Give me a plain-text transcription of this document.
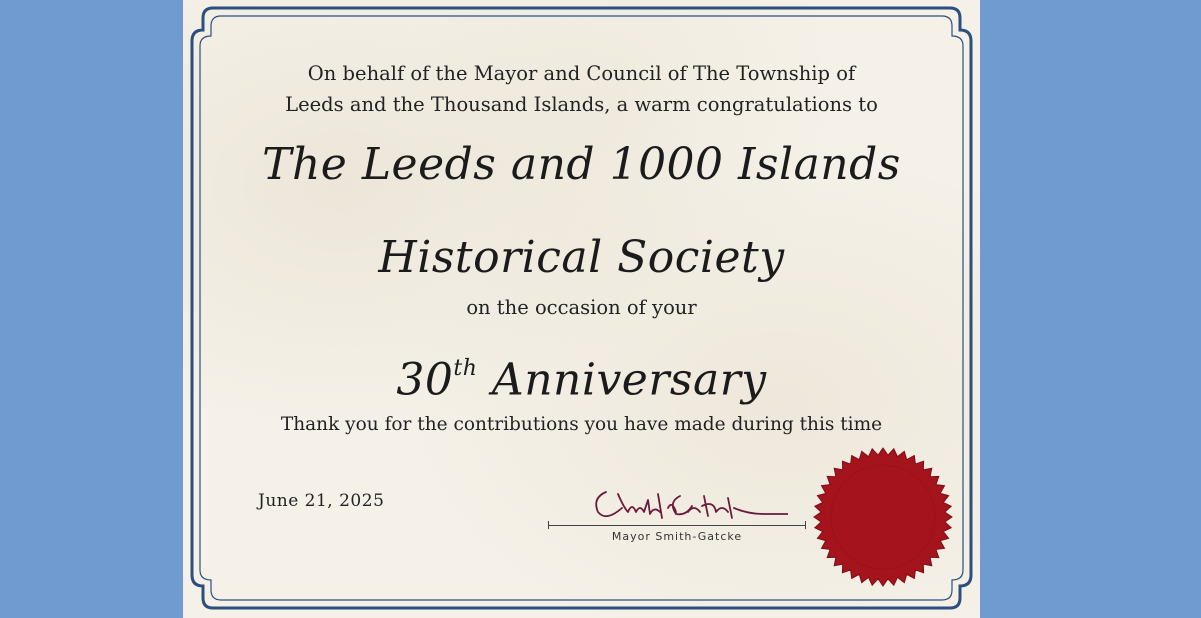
On behalf of the Mayor and Council of The Township of
Leeds and the Thousand Islands, a warm congratulations to
The Leeds and 1000 Islands
Historical Society
on the occasion of your
30th Anniversary
Thank you for the contributions you have made during this time
June 21, 2025
Mayor Smith-Gatcke
